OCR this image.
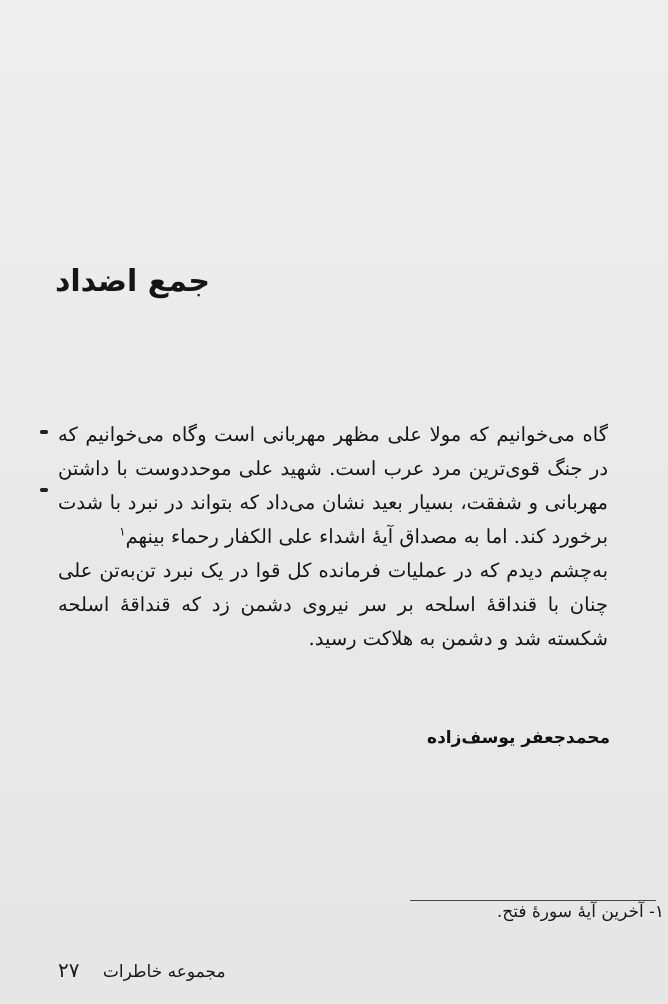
جمع اضداد

گاه می‌خوانیم که مولا علی مظهر مهربانی است وگاه می‌خوانیم که در جنگ قوی‌ترین مرد عرب است. شهید علی موحددوست با داشتن مهربانی و شفقت، بسیار بعید نشان می‌داد که بتواند در نبرد با شدت برخورد کند. اما به مصداق آیهٔ اشداء علی الکفار رحماء بینهم$^۱$

به‌چشم دیدم که در عملیات فرمانده کل قوا در یک نبرد تن‌به‌تن علی چنان با قنداقهٔ اسلحه بر سر نیروی دشمن زد که قنداقهٔ اسلحه شکسته شد و دشمن به هلاکت رسید.

محمدجعفر یوسف‌زاده
۱- آخرین آیهٔ سورهٔ فتح.
مجموعه خاطرات ۲۷
